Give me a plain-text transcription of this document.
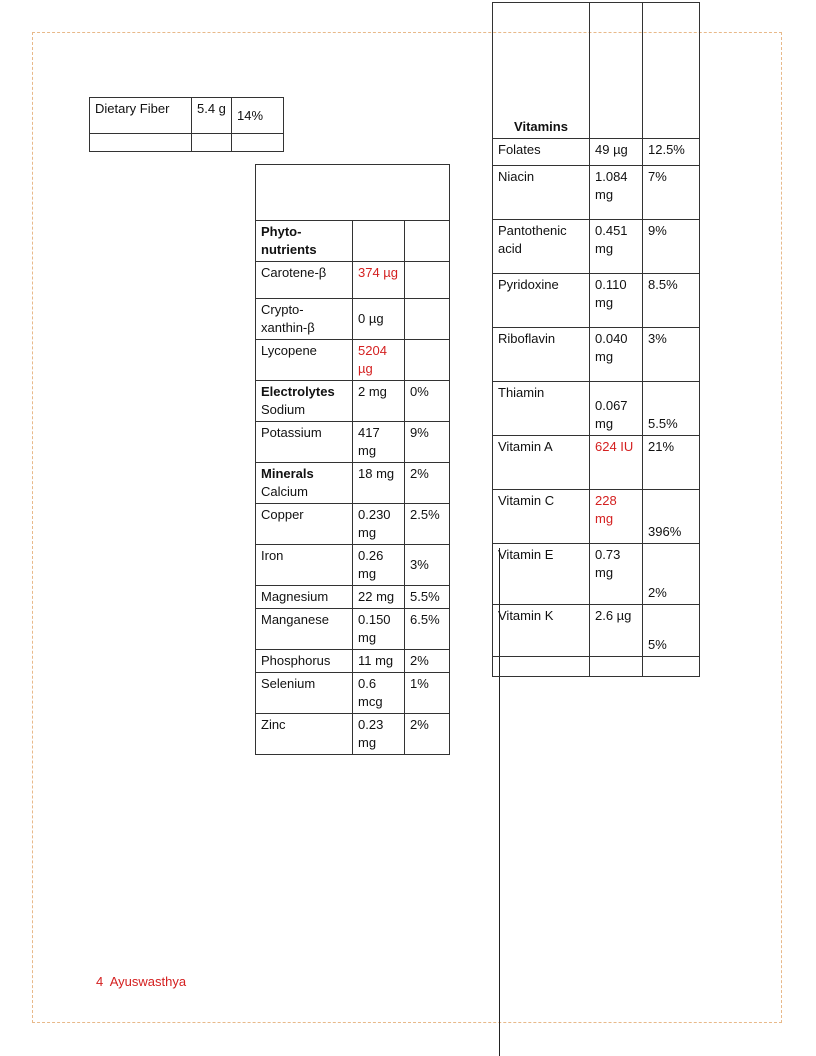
Dietary Fiber	5.4 g	14%

Phyto-nutrients		
Carotene-β	374 µg	
Crypto-xanthin-β	0 µg	
Lycopene	5204 µg	

Electrolytes
Sodium	2 mg	0%
Potassium	417 mg	9%

Minerals
Calcium	18 mg	2%
Copper	0.230 mg	2.5%
Iron	0.26 mg	3%
Magnesium	22 mg	5.5%
Manganese	0.150 mg	6.5%
Phosphorus	11 mg	2%
Selenium	0.6 mcg	1%
Zinc	0.23 mg	2%
Vitamins		
Folates	49 µg	12.5%
Niacin	1.084 mg	7%
Pantothenic acid	0.451 mg	9%
Pyridoxine	0.110 mg	8.5%
Riboflavin	0.040 mg	3%
Thiamin	0.067 mg	5.5%
Vitamin A	624 IU	21%
Vitamin C	228 mg	396%
Vitamin E	0.73 mg	2%
Vitamin K	2.6 µg	5%

4 Ayuswasthya
